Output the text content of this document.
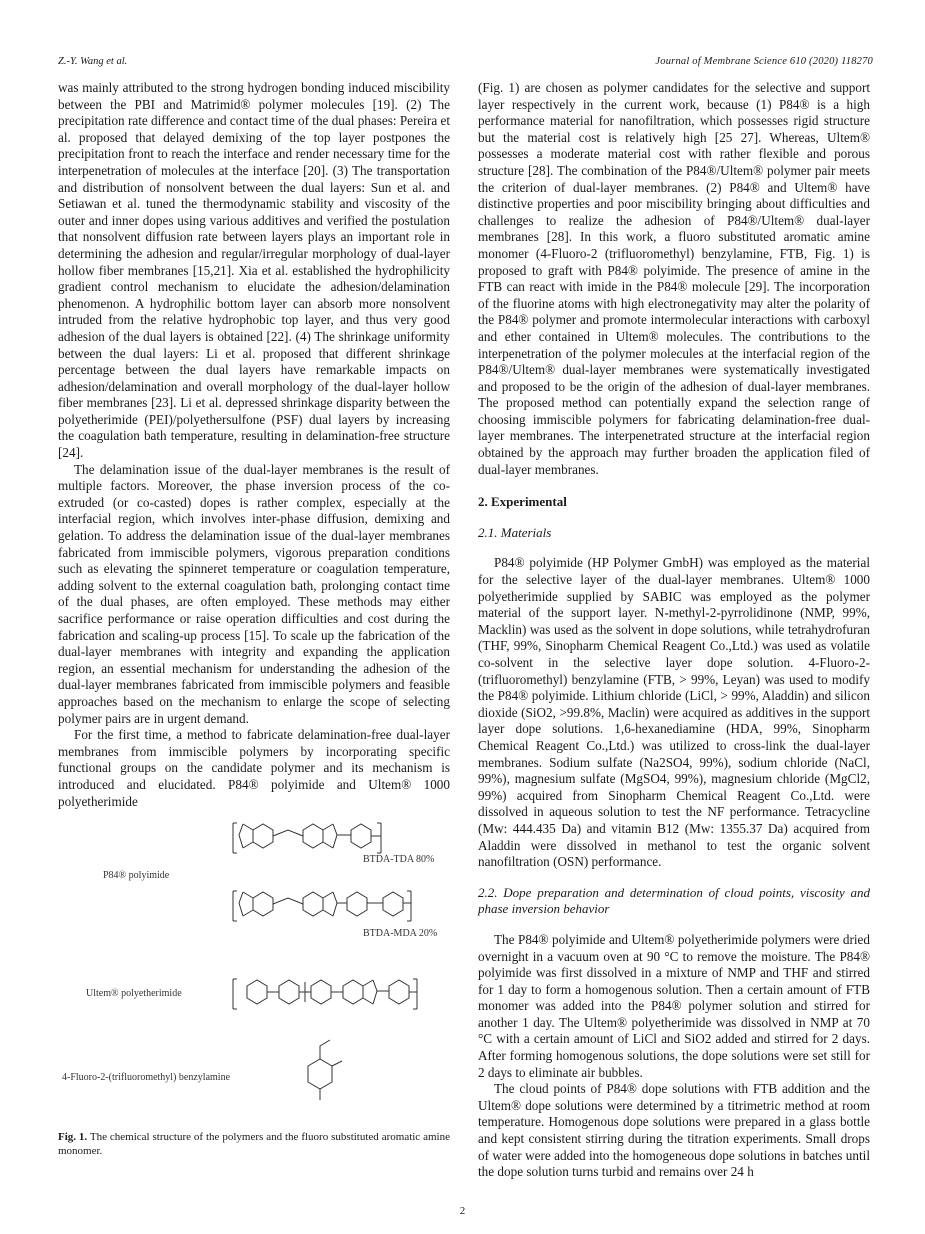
Z.-Y. Wang et al.	Journal of Membrane Science 610 (2020) 118270

was mainly attributed to the strong hydrogen bonding induced miscibility between the PBI and Matrimid® polymer molecules [19]. (2) The precipitation rate difference and contact time of the dual phases: Pereira et al. proposed that delayed demixing of the top layer postpones the precipitation front to reach the interface and render necessary time for the interpenetration of molecules at the interface [20]. (3) The transportation and distribution of nonsolvent between the dual layers: Sun et al. and Setiawan et al. tuned the thermodynamic stability and viscosity of the outer and inner dopes using various additives and verified the postulation that nonsolvent diffusion rate between layers plays an important role in determining the adhesion and regular/irregular morphology of dual-layer hollow fiber membranes [15,21]. Xia et al. established the hydrophilicity gradient control mechanism to elucidate the adhesion/delamination phenomenon. A hydrophilic bottom layer can absorb more nonsolvent intruded from the relative hydrophobic top layer, and thus very good adhesion of the dual layers is obtained [22]. (4) The shrinkage uniformity between the dual layers: Li et al. proposed that different shrinkage percentage between the dual layers have remarkable impacts on adhesion/delamination and overall morphology of the dual-layer hollow fiber membranes [23]. Li et al. depressed shrinkage disparity between the polyetherimide (PEI)/polyethersulfone (PSF) dual layers by increasing the coagulation bath temperature, resulting in delamination-free structure [24].

The delamination issue of the dual-layer membranes is the result of multiple factors. Moreover, the phase inversion process of the co-extruded (or co-casted) dopes is rather complex, especially at the interfacial region, which involves inter-phase diffusion, demixing and gelation. To address the delamination issue of the dual-layer membranes fabricated from immiscible polymers, vigorous preparation conditions such as elevating the spinneret temperature or coagulation temperature, adding solvent to the external coagulation bath, prolonging contact time of the dual phases, are often employed. These methods may either sacrifice performance or raise operation difficulties and cost during the fabrication and scaling-up process [15]. To scale up the fabrication of the dual-layer membranes with integrity and expanding the application region, an essential mechanism for understanding the adhesion of the dual-layer membranes fabricated from immiscible polymers and feasible approaches based on the mechanism to enlarge the scope of selecting polymer pairs are in urgent demand.

For the first time, a method to fabricate delamination-free dual-layer membranes from immiscible polymers by incorporating specific functional groups on the candidate polymer and its mechanism is introduced and elucidated. P84® polyimide and Ultem® 1000 polyetherimide

P84® polyimide
BTDA-TDA 80%
BTDA-MDA 20%
Ultem® polyetherimide
4-Fluoro-2-(trifluoromethyl) benzylamine
Fig. 1. The chemical structure of the polymers and the fluoro substituted aromatic amine monomer.

(Fig. 1) are chosen as polymer candidates for the selective and support layer respectively in the current work, because (1) P84® is a high performance material for nanofiltration, which possesses rigid structure but the material cost is relatively high [25 27]. Whereas, Ultem® possesses a moderate material cost with rather flexible and porous structure [28]. The combination of the P84®/Ultem® polymer pair meets the criterion of dual-layer membranes. (2) P84® and Ultem® have distinctive properties and poor miscibility bringing about difficulties and challenges to realize the adhesion of P84®/Ultem® dual-layer membranes [28]. In this work, a fluoro substituted aromatic amine monomer (4-Fluoro-2 (trifluoromethyl) benzylamine, FTB, Fig. 1) is proposed to graft with P84® polyimide. The presence of amine in the FTB can react with imide in the P84® molecule [29]. The incorporation of the fluorine atoms with high electronegativity may alter the polarity of the P84® polymer and promote intermolecular interactions with carboxyl and ether contained in Ultem® molecules. The contributions to the interpenetration of the polymer molecules at the interfacial region of the P84®/Ultem® dual-layer membranes were systematically investigated and proposed to be the origin of the adhesion of dual-layer membranes. The proposed method can potentially expand the selection range of choosing immiscible polymers for fabricating delamination-free dual-layer membranes. The interpenetrated structure at the interfacial region obtained by the approach may further broaden the application filed of dual-layer membranes.

2. Experimental
2.1. Materials

P84® polyimide (HP Polymer GmbH) was employed as the material for the selective layer of the dual-layer membranes. Ultem® 1000 polyetherimide supplied by SABIC was employed as the polymer material of the support layer. N-methyl-2-pyrrolidinone (NMP, 99%, Macklin) was used as the solvent in dope solutions, while tetrahydrofuran (THF, 99%, Sinopharm Chemical Reagent Co.,Ltd.) was used as volatile co-solvent in the selective layer dope solution. 4-Fluoro-2-(trifluoromethyl) benzylamine (FTB, > 99%, Leyan) was used to modify the P84® polyimide. Lithium chloride (LiCl, > 99%, Aladdin) and silicon dioxide (SiO2, >99.8%, Maclin) were acquired as additives in the support layer dope solutions. 1,6-hexanediamine (HDA, 99%, Sinopharm Chemical Reagent Co.,Ltd.) was utilized to cross-link the dual-layer membranes. Sodium sulfate (Na2SO4, 99%), sodium chloride (NaCl, 99%), magnesium sulfate (MgSO4, 99%), magnesium chloride (MgCl2, 99%) acquired from Sinopharm Chemical Reagent Co.,Ltd. were dissolved in aqueous solution to test the NF performance. Tetracycline (Mw: 444.435 Da) and vitamin B12 (Mw: 1355.37 Da) acquired from Aladdin were dissolved in methanol to test the organic solvent nanofiltration (OSN) performance.

2.2. Dope preparation and determination of cloud points, viscosity and phase inversion behavior

The P84® polyimide and Ultem® polyetherimide polymers were dried overnight in a vacuum oven at 90 °C to remove the moisture. The P84® polyimide was first dissolved in a mixture of NMP and THF and stirred for 1 day to form a homogenous solution. Then a certain amount of FTB monomer was added into the P84® polymer solution and stirred for another 1 day. The Ultem® polyetherimide was dissolved in NMP at 70 °C with a certain amount of LiCl and SiO2 added and stirred for 2 days. After forming homogenous solutions, the dope solutions were set still for 2 days to eliminate air bubbles.

The cloud points of P84® dope solutions with FTB addition and the Ultem® dope solutions were determined by a titrimetric method at room temperature. Homogenous dope solutions were prepared in a glass bottle and kept consistent stirring during the titration experiments. Small drops of water were added into the homogeneous dope solutions in batches until the dope solution turns turbid and remains over 24 h

2
